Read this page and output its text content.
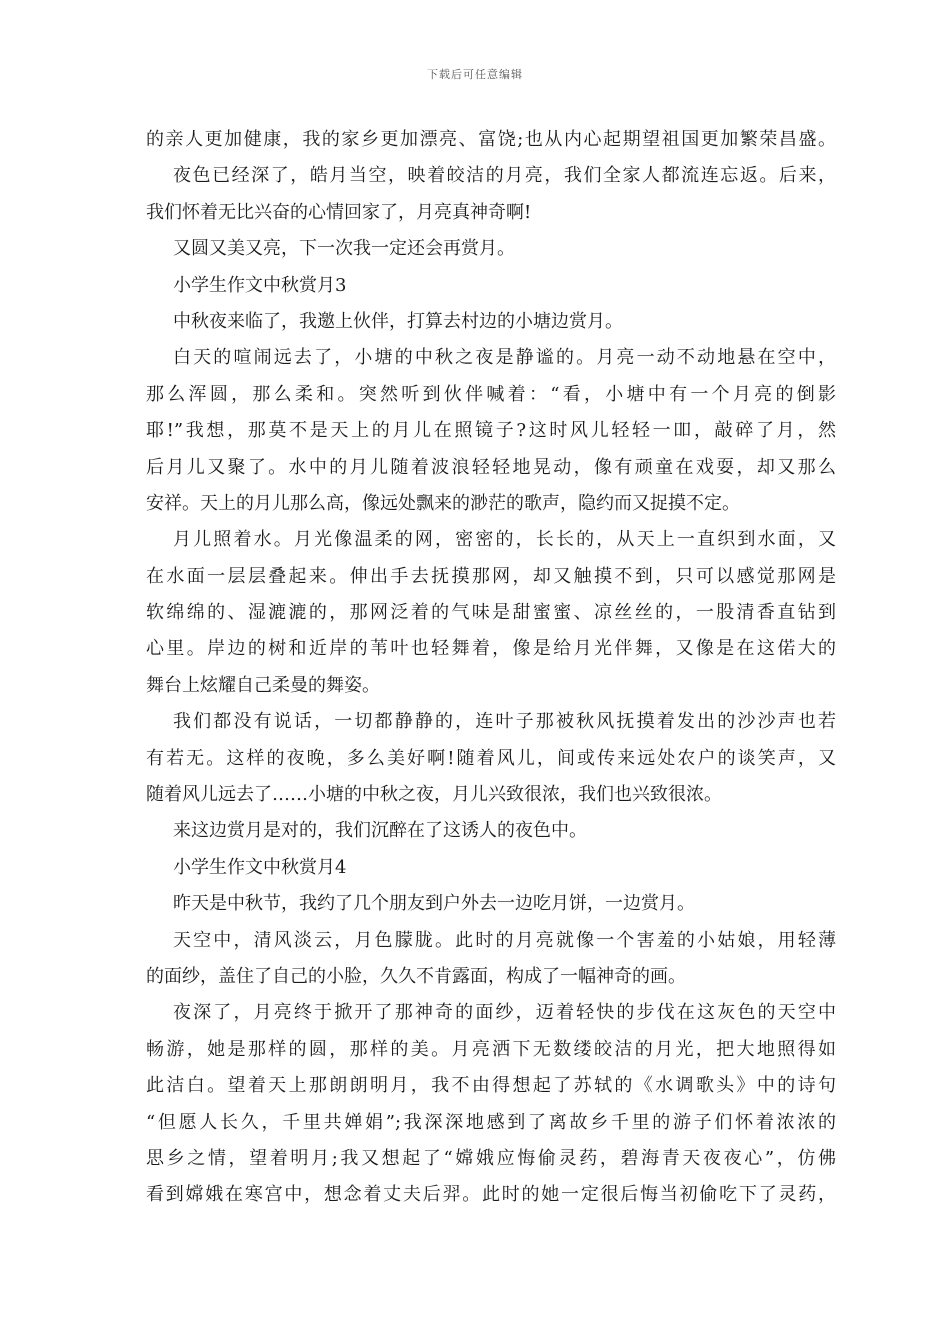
下载后可任意编辑
的亲人更加健康，我的家乡更加漂亮、富饶;也从内心起期望祖国更加繁荣昌盛。
夜色已经深了，皓月当空，映着皎洁的月亮，我们全家人都流连忘返。后来，
我们怀着无比兴奋的心情回家了，月亮真神奇啊!
又圆又美又亮，下一次我一定还会再赏月。
小学生作文中秋赏月3
中秋夜来临了，我邀上伙伴，打算去村边的小塘边赏月。
白天的喧闹远去了，小塘的中秋之夜是静谧的。月亮一动不动地悬在空中，
那么浑圆，那么柔和。突然听到伙伴喊着：“看，小塘中有一个月亮的倒影
耶!”我想，那莫不是天上的月儿在照镜子?这时风儿轻轻一吅，敲碎了月，然
后月儿又聚了。水中的月儿随着波浪轻轻地晃动，像有顽童在戏耍，却又那么
安祥。天上的月儿那么高，像远处飘来的渺茫的歌声，隐约而又捉摸不定。
月儿照着水。月光像温柔的网，密密的，长长的，从天上一直织到水面，又
在水面一层层叠起来。伸出手去抚摸那网，却又触摸不到，只可以感觉那网是
软绵绵的、湿漉漉的，那网泛着的气味是甜蜜蜜、凉丝丝的，一股清香直钻到
心里。岸边的树和近岸的苇叶也轻舞着，像是给月光伴舞，又像是在这偌大的
舞台上炫耀自己柔曼的舞姿。
我们都没有说话，一切都静静的，连叶子那被秋风抚摸着发出的沙沙声也若
有若无。这样的夜晚，多么美好啊!随着风儿，间或传来远处农户的谈笑声，又
随着风儿远去了……小塘的中秋之夜，月儿兴致很浓，我们也兴致很浓。
来这边赏月是对的，我们沉醉在了这诱人的夜色中。
小学生作文中秋赏月4
昨天是中秋节，我约了几个朋友到户外去一边吃月饼，一边赏月。
天空中，清风淡云，月色朦胧。此时的月亮就像一个害羞的小姑娘，用轻薄
的面纱，盖住了自己的小脸，久久不肯露面，构成了一幅神奇的画。
夜深了，月亮终于掀开了那神奇的面纱，迈着轻快的步伐在这灰色的天空中
畅游，她是那样的圆，那样的美。月亮洒下无数缕皎洁的月光，把大地照得如
此洁白。望着天上那朗朗明月，我不由得想起了苏轼的《水调歌头》中的诗句
“但愿人长久，千里共婵娟”;我深深地感到了离故乡千里的游子们怀着浓浓的
思乡之情，望着明月;我又想起了“嫦娥应悔偷灵药，碧海青天夜夜心”，仿佛
看到嫦娥在寒宫中，想念着丈夫后羿。此时的她一定很后悔当初偷吃下了灵药，
